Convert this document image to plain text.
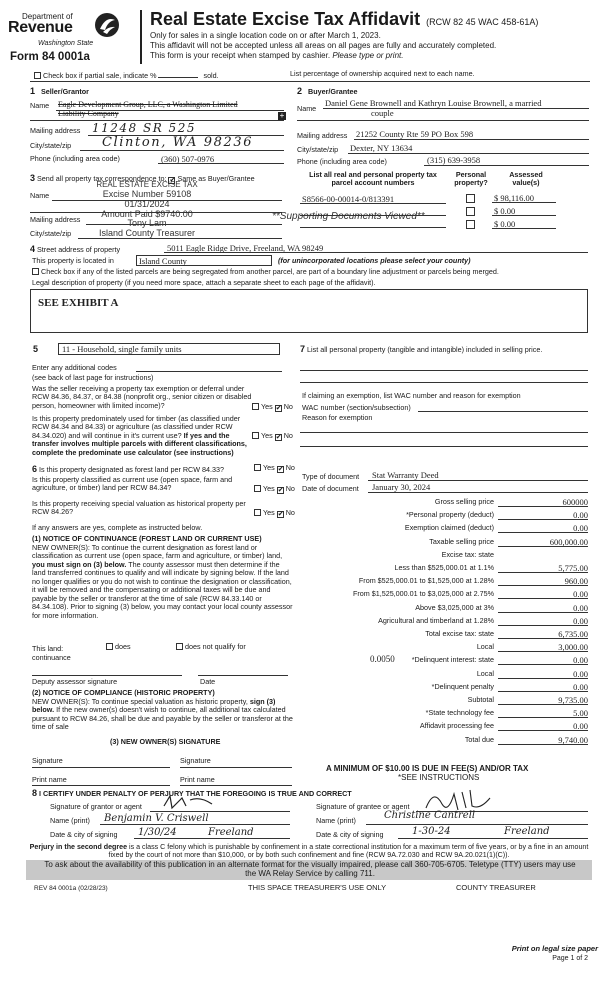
Department of
Revenue
Washington State
Form 84 0001a
Real Estate Excise Tax Affidavit (RCW 82 45 WAC 458-61A)
Only for sales in a single location code on or after March 1, 2023.
This affidavit will not be accepted unless all areas on all pages are fully and accurately completed.
This form is your receipt when stamped by cashier. Please type or print.
Check box if partial sale, indicate %	sold.	List percentage of ownership acquired next to each name.
1 Seller/Grantor
Name Eagle Development Group, LLC, a Washington Limited
Liability Company	+
Mailing address 11248 SR 525
City/state/zip Clinton, WA 98236
Phone (including area code)	(360) 507-0976
2 Buyer/Grantee
Name
Daniel Gene Brownell and Kathryn Louise Brownell, a married
couple
Mailing address 21252 County Rte 59 PO Box 598
City/state/zip Dexter, NY 13634
Phone (including area code)	(315) 639-3958
3 Send all property tax correspondence to: ✔ Same as Buyer/Grantee
Name
Mailing address
City/state/zip
REAL ESTATE EXCISE TAX
Excise Number 59108
01/31/2024
Amount Paid $9740.00
Tony Lam
Island County Treasurer
**Supporting Documents Viewed**
List all real and personal property tax parcel account numbers
Personal property?
Assessed value(s)
S8566-00-00014-0/813391	$ 98,116.00
$ 0.00
$ 0.00
4 Street address of property	5011 Eagle Ridge Drive, Freeland, WA 98249
This property is located in	Island County	(for unincorporated locations please select your county)
Check box if any of the listed parcels are being segregated from another parcel, are part of a boundary line adjustment or parcels being merged.
Legal description of property (if you need more space, attach a separate sheet to each page of the affidavit).
SEE EXHIBIT A
5	11 - Household, single family units
Enter any additional codes
(see back of last page for instructions)
Was the seller receiving a property tax exemption or deferral under RCW 84.36, 84.37, or 84.38 (nonprofit org., senior citizen or disabled person, homeowner with limited income)?	Yes ✔ No
Is this property predominately used for timber (as classified under RCW 84.34 and 84.33) or agriculture (as classified under RCW 84.34.020) and will continue in it's current use? If yes and the transfer involves multiple parcels with different classifications, complete the predominate use calculator (see instructions)
Yes ✔ No
6 Is this property designated as forest land per RCW 84.33?	Yes ✔ No
Is this property classified as current use (open space, farm and agriculture, or timber) land per RCW 84.34?	Yes ✔ No
Is this property receiving special valuation as historical property per RCW 84.26?	Yes ✔ No
If any answers are yes, complete as instructed below.
(1) NOTICE OF CONTINUANCE (FOREST LAND OR CURRENT USE)
NEW OWNER(S): To continue the current designation as forest land or classification as current use (open space, farm and agriculture, or timber) land, you must sign on (3) below. The county assessor must then determine if the land transferred continues to qualify and will indicate by signing below. If the land no longer qualifies or you do not wish to continue the designation or classification, it will be removed and the compensating or additional taxes will be due and payable by the seller or transferor at the time of sale (RCW 84.33.140 or 84.34.108). Prior to signing (3) below, you may contact your local county assessor for more information.
This land:	does	does not qualify for
continuance
Deputy assessor signature	Date
(2) NOTICE OF COMPLIANCE (HISTORIC PROPERTY)
NEW OWNER(S): To continue special valuation as historic property, sign (3) below. If the new owner(s) doesn't wish to continue, all additional tax calculated pursuant to RCW 84.26, shall be due and payable by the seller or transferor at the time of sale
(3) NEW OWNER(S) SIGNATURE
Signature	Signature
Print name	Print name
7 List all personal property (tangible and intangible) included in selling price.
If claiming an exemption, list WAC number and reason for exemption
WAC number (section/subsection)
Reason for exemption
Type of document Stat Warranty Deed
Date of document January 30, 2024
Gross selling price	600000
*Personal property (deduct)	0.00
Exemption claimed (deduct)	0.00
Taxable selling price	600,000.00
Excise tax: state
Less than $525,000.01 at 1.1%	5,775.00
From $525,000.01 to $1,525,000 at 1.28%	960.00
From $1,525,000.01 to $3,025,000 at 2.75%	0.00
Above $3,025,000 at 3%	0.00
Agricultural and timberland at 1.28%	0.00
Total excise tax: state	6,735.00
Local	3,000.00
*Delinquent interest: state	0.00
Local	0.00
*Delinquent penalty	0.00
Subtotal	9,735.00
*State technology fee	5.00
Affidavit processing fee	0.00
Total due	9,740.00
0.0050
A MINIMUM OF $10.00 IS DUE IN FEE(S) AND/OR TAX
*SEE INSTRUCTIONS
8 I CERTIFY UNDER PENALTY OF PERJURY THAT THE FOREGOING IS TRUE AND CORRECT
Signature of grantor or agent
Name (print) Benjamin V. Criswell
Date & city of signing 1/30/24	Freeland
Signature of grantee or agent
Name (print)	Christine Cantrell
Date & city of signing	1-30-24	Freeland
Perjury in the second degree is a class C felony which is punishable by confinement in a state correctional institution for a maximum term of five years, or by a fine in an amount fixed by the court of not more than $10,000, or by both such confinement and fine (RCW 9A.72.030 and RCW 9A.20.021(1)(C)).
To ask about the availability of this publication in an alternate format for the visually impaired, please call 360-705-6705. Teletype (TTY) users may use the WA Relay Service by calling 711.
REV 84 0001a (02/28/23)	THIS SPACE TREASURER'S USE ONLY	COUNTY TREASURER
Print on legal size paper
Page 1 of 2
